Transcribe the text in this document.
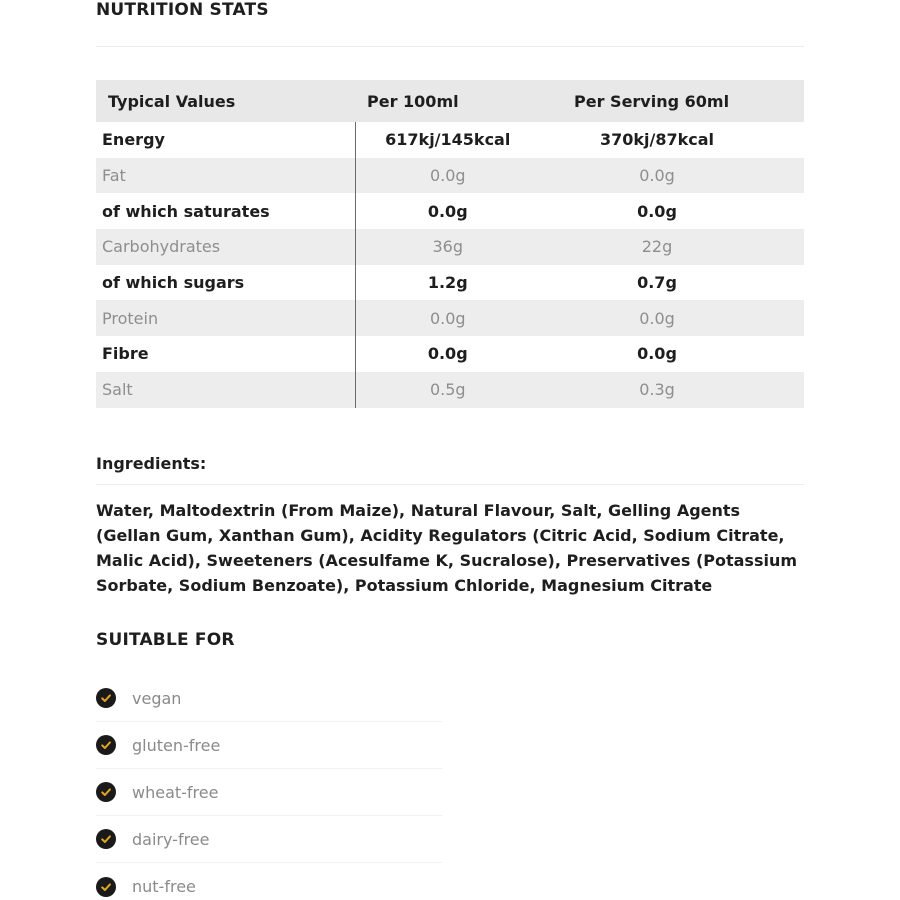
NUTRITION STATS
Typical Values	Per 100ml	Per Serving 60ml
Energy	617kj/145kcal	370kj/87kcal
Fat	0.0g	0.0g
of which saturates	0.0g	0.0g
Carbohydrates	36g	22g
of which sugars	1.2g	0.7g
Protein	0.0g	0.0g
Fibre	0.0g	0.0g
Salt	0.5g	0.3g
Ingredients:

Water, Maltodextrin (From Maize), Natural Flavour, Salt, Gelling Agents (Gellan Gum, Xanthan Gum), Acidity Regulators (Citric Acid, Sodium Citrate, Malic Acid), Sweeteners (Acesulfame K, Sucralose), Preservatives (Potassium Sorbate, Sodium Benzoate), Potassium Chloride, Magnesium Citrate

SUITABLE FOR
vegan
gluten-free
wheat-free
dairy-free
nut-free
